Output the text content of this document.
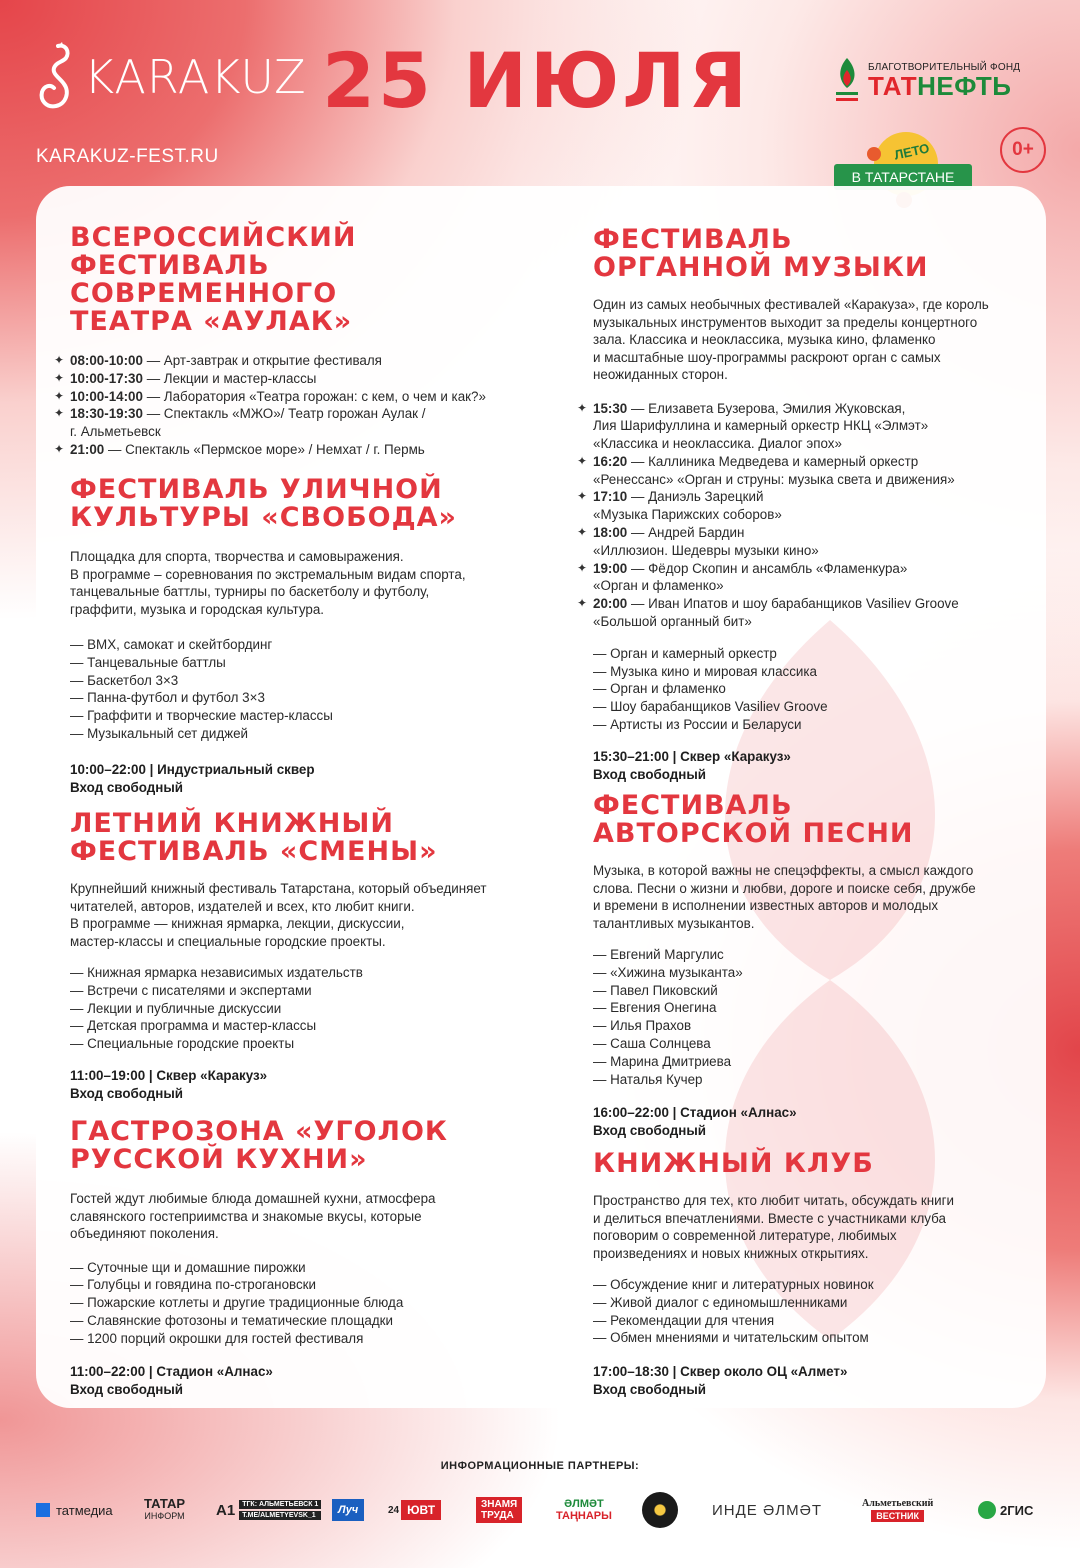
KARAKUZ
KARAKUZ-FEST.RU
25 ИЮЛЯ	БЛАГОТВОРИТЕЛЬНЫЙ ФОНД
ТАТНЕФТЬ
ЛЕТО
В ТАТАРСТАНЕ
0+
ВСЕРОССИЙСКИЙ
ФЕСТИВАЛЬ
СОВРЕМЕННОГО
ТЕАТРА «АУЛАК»
✦ 08:00-10:00 — Арт-завтрак и открытие фестиваля
✦ 10:00-17:30 — Лекции и мастер-классы
✦ 10:00-14:00 — Лаборатория «Театра горожан: с кем, о чем и как?»
✦ 18:30-19:30 — Спектакль «МЖО»/ Театр горожан Аулак /
г. Альметьевск
✦ 21:00 — Спектакль «Пермское море» / Немхат / г. Пермь
ФЕСТИВАЛЬ УЛИЧНОЙ
КУЛЬТУРЫ «СВОБОДА»

Площадка для спорта, творчества и самовыражения.
В программе – соревнования по экстремальным видам спорта,
танцевальные баттлы, турниры по баскетболу и футболу,
граффити, музыка и городская культура.

— BMX, самокат и скейтбординг
— Танцевальные баттлы
— Баскетбол 3×3
— Панна-футбол и футбол 3×3
— Граффити и творческие мастер-классы
— Музыкальный сет диджей
10:00–22:00 | Индустриальный сквер
Вход свободный
ЛЕТНИЙ КНИЖНЫЙ
ФЕСТИВАЛЬ «СМЕНЫ»

Крупнейший книжный фестиваль Татарстана, который объединяет
читателей, авторов, издателей и всех, кто любит книги.
В программе — книжная ярмарка, лекции, дискуссии,
мастер-классы и специальные городские проекты.

— Книжная ярмарка независимых издательств
— Встречи с писателями и экспертами
— Лекции и публичные дискуссии
— Детская программа и мастер-классы
— Специальные городские проекты
11:00–19:00 | Сквер «Каракуз»
Вход свободный
ГАСТРОЗОНА «УГОЛОК
РУССКОЙ КУХНИ»

Гостей ждут любимые блюда домашней кухни, атмосфера
славянского гостеприимства и знакомые вкусы, которые
объединяют поколения.

— Суточные щи и домашние пирожки
— Голубцы и говядина по-строгановски
— Пожарские котлеты и другие традиционные блюда
— Славянские фотозоны и тематические площадки
— 1200 порций окрошки для гостей фестиваля
11:00–22:00 | Стадион «Алнас»
Вход свободный
ФЕСТИВАЛЬ
ОРГАННОЙ МУЗЫКИ

Один из самых необычных фестивалей «Каракуза», где король
музыкальных инструментов выходит за пределы концертного
зала. Классика и неоклассика, музыка кино, фламенко
и масштабные шоу-программы раскроют орган с самых
неожиданных сторон.

✦ 15:30 — Елизавета Бузерова, Эмилия Жуковская,
Лия Шарифуллина и камерный оркестр НКЦ «Элмэт»
«Классика и неоклассика. Диалог эпох»
✦ 16:20 — Каллиника Медведева и камерный оркестр
«Ренессанс» «Орган и струны: музыка света и движения»
✦ 17:10 — Даниэль Зарецкий
«Музыка Парижских соборов»
✦ 18:00 — Андрей Бардин
«Иллюзион. Шедевры музыки кино»
✦ 19:00 — Фёдор Скопин и ансамбль «Фламенкура»
«Орган и фламенко»
✦ 20:00 — Иван Ипатов и шоу барабанщиков Vasiliev Groove
«Большой органный бит»
— Орган и камерный оркестр
— Музыка кино и мировая классика
— Орган и фламенко
— Шоу барабанщиков Vasiliev Groove
— Артисты из России и Беларуси
15:30–21:00 | Сквер «Каракуз»
Вход свободный
ФЕСТИВАЛЬ
АВТОРСКОЙ ПЕСНИ

Музыка, в которой важны не спецэффекты, а смысл каждого
слова. Песни о жизни и любви, дороге и поиске себя, дружбе
и времени в исполнении известных авторов и молодых
талантливых музыкантов.

— Евгений Маргулис
— «Хижина музыканта»
— Павел Пиковский
— Евгения Онегина
— Илья Прахов
— Саша Солнцева
— Марина Дмитриева
— Наталья Кучер
16:00–22:00 | Стадион «Алнас»
Вход свободный
КНИЖНЫЙ КЛУБ

Пространство для тех, кто любит читать, обсуждать книги
и делиться впечатлениями. Вместе с участниками клуба
поговорим о современной литературе, любимых
произведениях и новых книжных открытиях.

— Обсуждение книг и литературных новинок
— Живой диалог с единомышленниками
— Рекомендации для чтения
— Обмен мнениями и читательским опытом
17:00–18:30 | Сквер около ОЦ «Алмет»
Вход свободный
ИНФОРМАЦИОННЫЕ ПАРТНЕРЫ:
татмедиа ТАТАР
ИНФОРМ А1	ТГК: АЛЬМЕТЬЕВСК 1
T.ME/ALMETYEVSK_1	Луч	24 ЮВТ	ЗНАМЯ
ТРУДА
ӘЛМӘТ
ТАҢНАРЫ	ИНДЕ ӘЛМӘТ	Альметьевский
ВЕСТНИК	2ГИС
